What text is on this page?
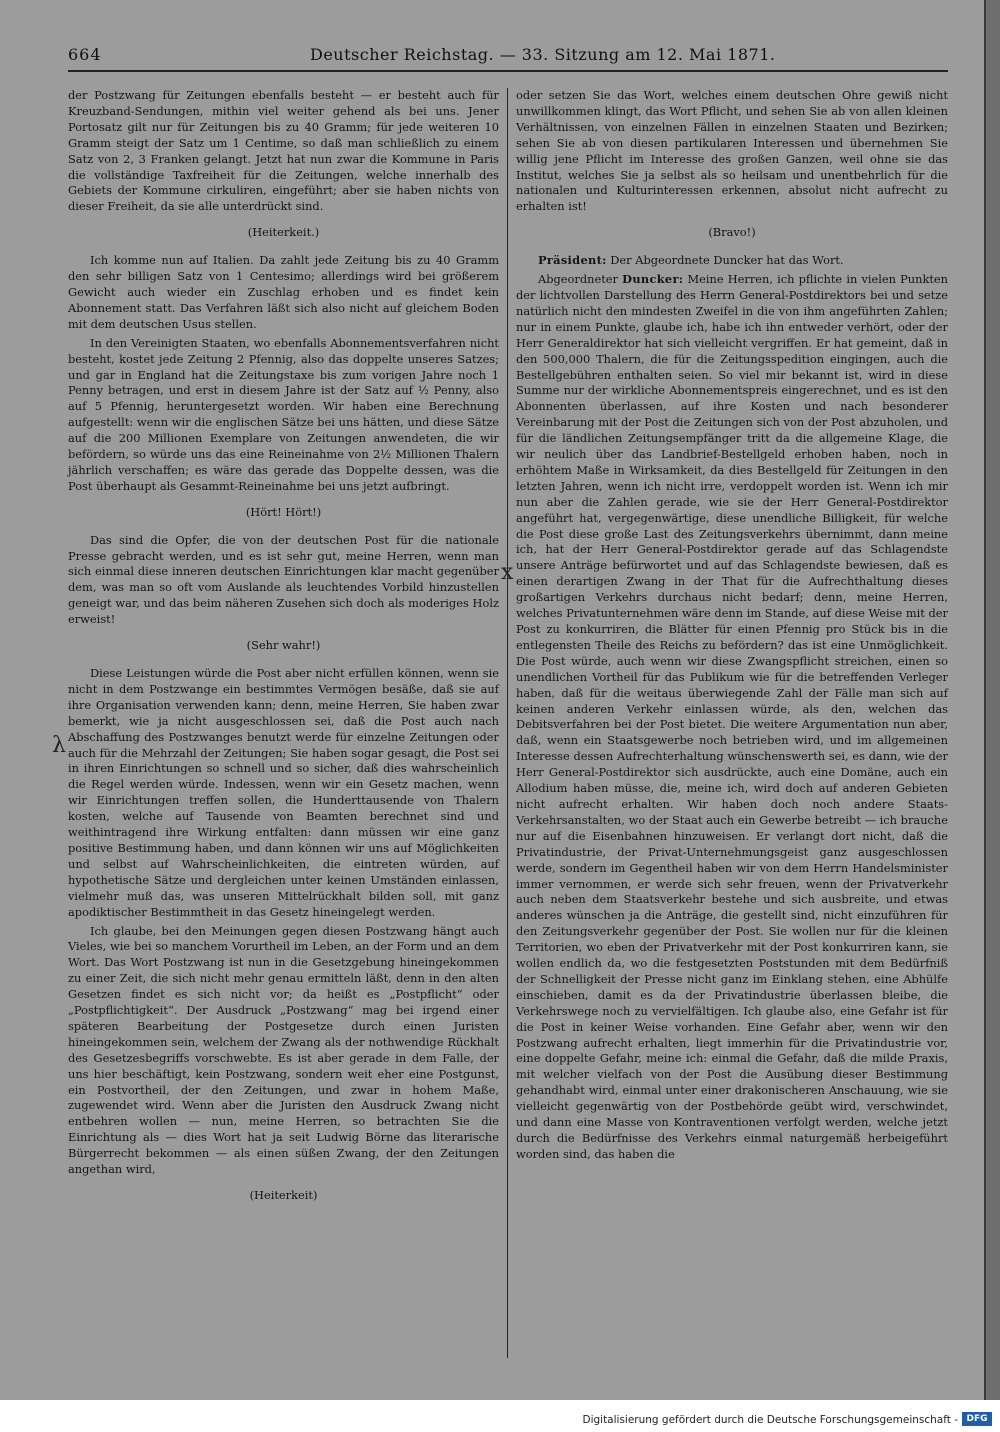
664	Deutscher Reichstag. — 33. Sitzung am 12. Mai 1871.

der Postzwang für Zeitungen ebenfalls besteht — er besteht auch für Kreuzband-Sendungen, mithin viel weiter gehend als bei uns. Jener Portosatz gilt nur für Zeitungen bis zu 40 Gramm; für jede weiteren 10 Gramm steigt der Satz um 1 Centime, so daß man schließlich zu einem Satz von 2, 3 Franken gelangt. Jetzt hat nun zwar die Kommune in Paris die vollständige Taxfreiheit für die Zeitungen, welche innerhalb des Gebiets der Kommune cirkuliren, eingeführt; aber sie haben nichts von dieser Freiheit, da sie alle unterdrückt sind.

(Heiterkeit.)

Ich komme nun auf Italien. Da zahlt jede Zeitung bis zu 40 Gramm den sehr billigen Satz von 1 Centesimo; allerdings wird bei größerem Gewicht auch wieder ein Zuschlag erhoben und es findet kein Abonnement statt. Das Verfahren läßt sich also nicht auf gleichem Boden mit dem deutschen Usus stellen.

In den Vereinigten Staaten, wo ebenfalls Abonnementsverfahren nicht besteht, kostet jede Zeitung 2 Pfennig, also das doppelte unseres Satzes; und gar in England hat die Zeitungstaxe bis zum vorigen Jahre noch 1 Penny betragen, und erst in diesem Jahre ist der Satz auf ½ Penny, also auf 5 Pfennig, heruntergesetzt worden. Wir haben eine Berechnung aufgestellt: wenn wir die englischen Sätze bei uns hätten, und diese Sätze auf die 200 Millionen Exemplare von Zeitungen anwendeten, die wir befördern, so würde uns das eine Reineinahme von 2½ Millionen Thalern jährlich verschaffen; es wäre das gerade das Doppelte dessen, was die Post überhaupt als Gesammt-Reineinahme bei uns jetzt aufbringt.

(Hört! Hört!)

Das sind die Opfer, die von der deutschen Post für die nationale Presse gebracht werden, und es ist sehr gut, meine Herren, wenn man sich einmal diese inneren deutschen Einrichtungen klar macht gegenüber dem, was man so oft vom Auslande als leuchtendes Vorbild hinzustellen geneigt war, und das beim näheren Zusehen sich doch als moderiges Holz erweist!

(Sehr wahr!)

Diese Leistungen würde die Post aber nicht erfüllen können, wenn sie nicht in dem Postzwange ein bestimmtes Vermögen besäße, daß sie auf ihre Organisation verwenden kann; denn, meine Herren, Sie haben zwar bemerkt, wie ja nicht ausgeschlossen sei, daß die Post auch nach Abschaffung des Postzwanges benutzt werde für einzelne Zeitungen oder auch für die Mehrzahl der Zeitungen; Sie haben sogar gesagt, die Post sei in ihren Einrichtungen so schnell und so sicher, daß dies wahrscheinlich die Regel werden würde. Indessen, wenn wir ein Gesetz machen, wenn wir Einrichtungen treffen sollen, die Hunderttausende von Thalern kosten, welche auf Tausende von Beamten berechnet sind und weithintragend ihre Wirkung entfalten: dann müssen wir eine ganz positive Bestimmung haben, und dann können wir uns auf Möglichkeiten und selbst auf Wahrscheinlichkeiten, die eintreten würden, auf hypothetische Sätze und dergleichen unter keinen Umständen einlassen, vielmehr muß das, was unseren Mittelrückhalt bilden soll, mit ganz apodiktischer Bestimmtheit in das Gesetz hineingelegt werden.

Ich glaube, bei den Meinungen gegen diesen Postzwang hängt auch Vieles, wie bei so manchem Vorurtheil im Leben, an der Form und an dem Wort. Das Wort Postzwang ist nun in die Gesetzgebung hineingekommen zu einer Zeit, die sich nicht mehr genau ermitteln läßt, denn in den alten Gesetzen findet es sich nicht vor; da heißt es „Postpflicht“ oder „Postpflichtigkeit“. Der Ausdruck „Postzwang“ mag bei irgend einer späteren Bearbeitung der Postgesetze durch einen Juristen hineingekommen sein, welchem der Zwang als der nothwendige Rückhalt des Gesetzesbegriffs vorschwebte. Es ist aber gerade in dem Falle, der uns hier beschäftigt, kein Postzwang, sondern weit eher eine Postgunst, ein Postvortheil, der den Zeitungen, und zwar in hohem Maße, zugewendet wird. Wenn aber die Juristen den Ausdruck Zwang nicht entbehren wollen — nun, meine Herren, so betrachten Sie die Einrichtung als — dies Wort hat ja seit Ludwig Börne das literarische Bürgerrecht bekommen — als einen süßen Zwang, der den Zeitungen angethan wird,

(Heiterkeit)

oder setzen Sie das Wort, welches einem deutschen Ohre gewiß nicht unwillkommen klingt, das Wort Pflicht, und sehen Sie ab von allen kleinen Verhältnissen, von einzelnen Fällen in einzelnen Staaten und Bezirken; sehen Sie ab von diesen partikularen Interessen und übernehmen Sie willig jene Pflicht im Interesse des großen Ganzen, weil ohne sie das Institut, welches Sie ja selbst als so heilsam und unentbehrlich für die nationalen und Kulturinteressen erkennen, absolut nicht aufrecht zu erhalten ist!

(Bravo!)

Präsident: Der Abgeordnete Duncker hat das Wort.

Abgeordneter Duncker: Meine Herren, ich pflichte in vielen Punkten der lichtvollen Darstellung des Herrn General-Postdirektors bei und setze natürlich nicht den mindesten Zweifel in die von ihm angeführten Zahlen; nur in einem Punkte, glaube ich, habe ich ihn entweder verhört, oder der Herr Generaldirektor hat sich vielleicht vergriffen. Er hat gemeint, daß in den 500,000 Thalern, die für die Zeitungsspedition eingingen, auch die Bestellgebühren enthalten seien. So viel mir bekannt ist, wird in diese Summe nur der wirkliche Abonnementspreis eingerechnet, und es ist den Abonnenten überlassen, auf ihre Kosten und nach besonderer Vereinbarung mit der Post die Zeitungen sich von der Post abzuholen, und für die ländlichen Zeitungsempfänger tritt da die allgemeine Klage, die wir neulich über das Landbrief-Bestellgeld erhoben haben, noch in erhöhtem Maße in Wirksamkeit, da dies Bestellgeld für Zeitungen in den letzten Jahren, wenn ich nicht irre, verdoppelt worden ist. Wenn ich mir nun aber die Zahlen gerade, wie sie der Herr General-Postdirektor angeführt hat, vergegenwärtige, diese unendliche Billigkeit, für welche die Post diese große Last des Zeitungsverkehrs übernimmt, dann meine ich, hat der Herr General-Postdirektor gerade auf das Schlagendste unsere Anträge befürwortet und auf das Schlagendste bewiesen, daß es einen derartigen Zwang in der That für die Aufrechthaltung dieses großartigen Verkehrs durchaus nicht bedarf; denn, meine Herren, welches Privatunternehmen wäre denn im Stande, auf diese Weise mit der Post zu konkurriren, die Blätter für einen Pfennig pro Stück bis in die entlegensten Theile des Reichs zu befördern? das ist eine Unmöglichkeit. Die Post würde, auch wenn wir diese Zwangspflicht streichen, einen so unendlichen Vortheil für das Publikum wie für die betreffenden Verleger haben, daß für die weitaus überwiegende Zahl der Fälle man sich auf keinen anderen Verkehr einlassen würde, als den, welchen das Debitsverfahren bei der Post bietet. Die weitere Argumentation nun aber, daß, wenn ein Staatsgewerbe noch betrieben wird, und im allgemeinen Interesse dessen Aufrechterhaltung wünschenswerth sei, es dann, wie der Herr General-Postdirektor sich ausdrückte, auch eine Domäne, auch ein Allodium haben müsse, die, meine ich, wird doch auf anderen Gebieten nicht aufrecht erhalten. Wir haben doch noch andere Staats-Verkehrsanstalten, wo der Staat auch ein Gewerbe betreibt — ich brauche nur auf die Eisenbahnen hinzuweisen. Er verlangt dort nicht, daß die Privatindustrie, der Privat-Unternehmungsgeist ganz ausgeschlossen werde, sondern im Gegentheil haben wir von dem Herrn Handelsminister immer vernommen, er werde sich sehr freuen, wenn der Privatverkehr auch neben dem Staatsverkehr bestehe und sich ausbreite, und etwas anderes wünschen ja die Anträge, die gestellt sind, nicht einzuführen für den Zeitungsverkehr gegenüber der Post. Sie wollen nur für die kleinen Territorien, wo eben der Privatverkehr mit der Post konkurriren kann, sie wollen endlich da, wo die festgesetzten Poststunden mit dem Bedürfniß der Schnelligkeit der Presse nicht ganz im Einklang stehen, eine Abhülfe einschieben, damit es da der Privatindustrie überlassen bleibe, die Verkehrswege noch zu vervielfältigen. Ich glaube also, eine Gefahr ist für die Post in keiner Weise vorhanden. Eine Gefahr aber, wenn wir den Postzwang aufrecht erhalten, liegt immerhin für die Privatindustrie vor, eine doppelte Gefahr, meine ich: einmal die Gefahr, daß die milde Praxis, mit welcher vielfach von der Post die Ausübung dieser Bestimmung gehandhabt wird, einmal unter einer drakonischeren Anschauung, wie sie vielleicht gegenwärtig von der Postbehörde geübt wird, verschwindet, und dann eine Masse von Kontraventionen verfolgt werden, welche jetzt durch die Bedürfnisse des Verkehrs einmal naturgemäß herbeigeführt worden sind, das haben die

λ
x
Digitalisierung gefördert durch die Deutsche Forschungsgemeinschaft - DFG
